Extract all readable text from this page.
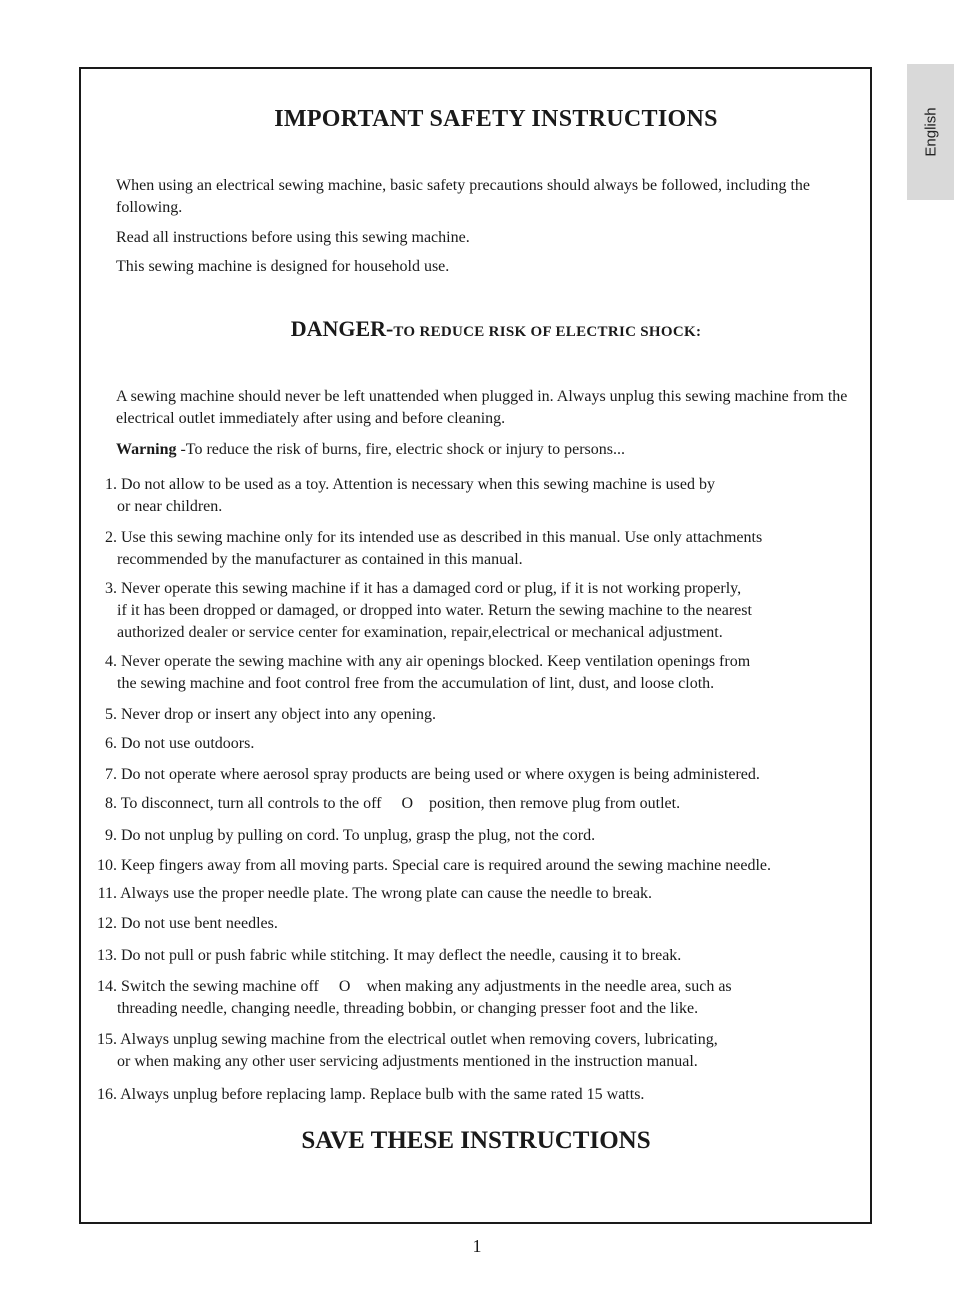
English
IMPORTANT SAFETY INSTRUCTIONS
When using an electrical sewing machine, basic safety precautions should always be followed, including the following.
Read all instructions before using this sewing machine.
This sewing machine is designed for household use.
DANGER-TO REDUCE RISK OF ELECTRIC SHOCK:
A sewing machine should never be left unattended when plugged in. Always unplug this sewing machine from the electrical outlet immediately after using and before cleaning.
Warning -To reduce the risk of burns, fire, electric shock or injury to persons...
1. Do not allow to be used as a toy. Attention is necessary when this sewing machine is used by
or near children.
2. Use this sewing machine only for its intended use as described in this manual. Use only attachments
recommended by the manufacturer as contained in this manual.
3. Never operate this sewing machine if it has a damaged cord or plug, if it is not working properly,
if it has been dropped or damaged, or dropped into water. Return the sewing machine to the nearest
authorized dealer or service center for examination, repair,electrical or mechanical adjustment.
4. Never operate the sewing machine with any air openings blocked. Keep ventilation openings from
the sewing machine and foot control free from the accumulation of lint, dust, and loose cloth.
5. Never drop or insert any object into any opening.
6. Do not use outdoors.
7. Do not operate where aerosol spray products are being used or where oxygen is being administered.
8. To disconnect, turn all controls to the off     O    position, then remove plug from outlet.
9. Do not unplug by pulling on cord. To unplug, grasp the plug, not the cord.
10. Keep fingers away from all moving parts. Special care is required around the sewing machine needle.
11. Always use the proper needle plate. The wrong plate can cause the needle to break.
12. Do not use bent needles.
13. Do not pull or push fabric while stitching. It may deflect the needle, causing it to break.
14. Switch the sewing machine off     O    when making any adjustments in the needle area, such as
threading needle, changing needle, threading bobbin, or changing presser foot and the like.
15. Always unplug sewing machine from the electrical outlet when removing covers, lubricating,
or when making any other user servicing adjustments mentioned in the instruction manual.
16. Always unplug before replacing lamp. Replace bulb with the same rated 15 watts.
SAVE THESE INSTRUCTIONS
1
